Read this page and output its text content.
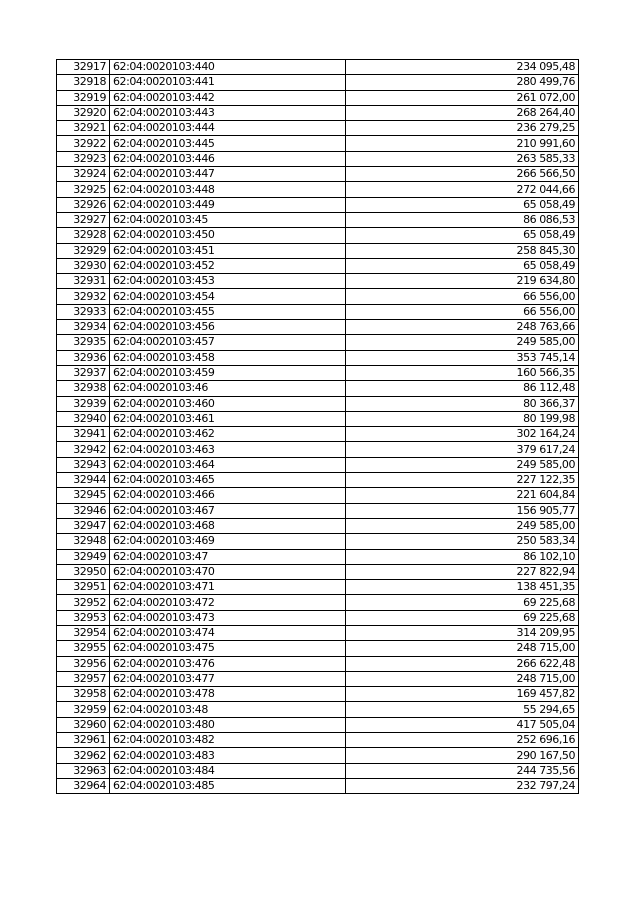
32917	62:04:0020103:440	234 095,48
32918	62:04:0020103:441	280 499,76
32919	62:04:0020103:442	261 072,00
32920	62:04:0020103:443	268 264,40
32921	62:04:0020103:444	236 279,25
32922	62:04:0020103:445	210 991,60
32923	62:04:0020103:446	263 585,33
32924	62:04:0020103:447	266 566,50
32925	62:04:0020103:448	272 044,66
32926	62:04:0020103:449	65 058,49
32927	62:04:0020103:45	86 086,53
32928	62:04:0020103:450	65 058,49
32929	62:04:0020103:451	258 845,30
32930	62:04:0020103:452	65 058,49
32931	62:04:0020103:453	219 634,80
32932	62:04:0020103:454	66 556,00
32933	62:04:0020103:455	66 556,00
32934	62:04:0020103:456	248 763,66
32935	62:04:0020103:457	249 585,00
32936	62:04:0020103:458	353 745,14
32937	62:04:0020103:459	160 566,35
32938	62:04:0020103:46	86 112,48
32939	62:04:0020103:460	80 366,37
32940	62:04:0020103:461	80 199,98
32941	62:04:0020103:462	302 164,24
32942	62:04:0020103:463	379 617,24
32943	62:04:0020103:464	249 585,00
32944	62:04:0020103:465	227 122,35
32945	62:04:0020103:466	221 604,84
32946	62:04:0020103:467	156 905,77
32947	62:04:0020103:468	249 585,00
32948	62:04:0020103:469	250 583,34
32949	62:04:0020103:47	86 102,10
32950	62:04:0020103:470	227 822,94
32951	62:04:0020103:471	138 451,35
32952	62:04:0020103:472	69 225,68
32953	62:04:0020103:473	69 225,68
32954	62:04:0020103:474	314 209,95
32955	62:04:0020103:475	248 715,00
32956	62:04:0020103:476	266 622,48
32957	62:04:0020103:477	248 715,00
32958	62:04:0020103:478	169 457,82
32959	62:04:0020103:48	55 294,65
32960	62:04:0020103:480	417 505,04
32961	62:04:0020103:482	252 696,16
32962	62:04:0020103:483	290 167,50
32963	62:04:0020103:484	244 735,56
32964	62:04:0020103:485	232 797,24
